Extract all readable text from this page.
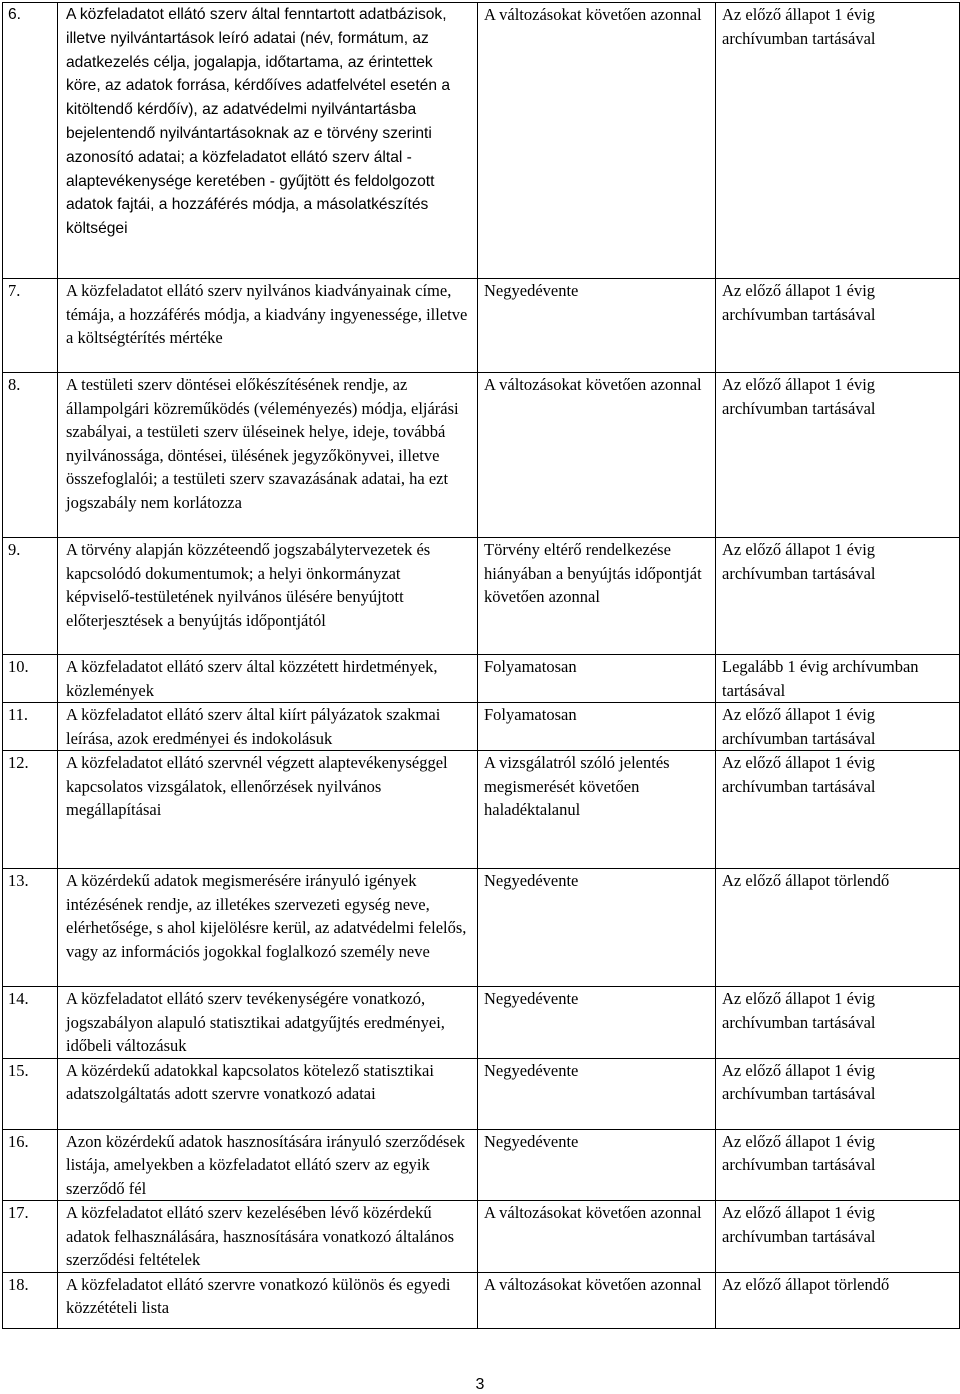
6.	A közfeladatot ellátó szerv által fenntartott adatbázisok, illetve nyilvántartások leíró adatai (név, formátum, az adatkezelés célja, jogalapja, időtartama, az érintettek köre, az adatok forrása, kérdőíves adatfelvétel esetén a kitöltendő kérdőív), az adatvédelmi nyilvántartásba bejelentendő nyilvántartásoknak az e törvény szerinti azonosító adatai; a közfeladatot ellátó szerv által - alaptevékenysége keretében - gyűjtött és feldolgozott adatok fajtái, a hozzáférés módja, a másolatkészítés költségei	A változásokat követően azonnal	Az előző állapot 1 évig archívumban tartásával
7.	A közfeladatot ellátó szerv nyilvános kiadványainak címe, témája, a hozzáférés módja, a kiadvány ingyenessége, illetve a költségtérítés mértéke	Negyedévente	Az előző állapot 1 évig archívumban tartásával
8.	A testületi szerv döntései előkészítésének rendje, az állampolgári közreműködés (véleményezés) módja, eljárási szabályai, a testületi szerv üléseinek helye, ideje, továbbá nyilvánossága, döntései, ülésének jegyzőkönyvei, illetve összefoglalói; a testületi szerv szavazásának adatai, ha ezt jogszabály nem korlátozza	A változásokat követően azonnal	Az előző állapot 1 évig archívumban tartásával
9.	A törvény alapján közzéteendő jogszabálytervezetek és kapcsolódó dokumentumok; a helyi önkormányzat képviselő-testületének nyilvános ülésére benyújtott előterjesztések a benyújtás időpontjától	Törvény eltérő rendelkezése hiányában a benyújtás időpontját követően azonnal	Az előző állapot 1 évig archívumban tartásával
10.	A közfeladatot ellátó szerv által közzétett hirdetmények, közlemények	Folyamatosan	Legalább 1 évig archívumban tartásával
11.	A közfeladatot ellátó szerv által kiírt pályázatok szakmai leírása, azok eredményei és indokolásuk	Folyamatosan	Az előző állapot 1 évig archívumban tartásával
12.	A közfeladatot ellátó szervnél végzett alaptevékenységgel kapcsolatos vizsgálatok, ellenőrzések nyilvános megállapításai	A vizsgálatról szóló jelentés megismerését követően haladéktalanul	Az előző állapot 1 évig archívumban tartásával
13.	A közérdekű adatok megismerésére irányuló igények intézésének rendje, az illetékes szervezeti egység neve, elérhetősége, s ahol kijelölésre kerül, az adatvédelmi felelős, vagy az információs jogokkal foglalkozó személy neve	Negyedévente	Az előző állapot törlendő
14.	A közfeladatot ellátó szerv tevékenységére vonatkozó, jogszabályon alapuló statisztikai adatgyűjtés eredményei, időbeli változásuk	Negyedévente	Az előző állapot 1 évig archívumban tartásával
15.	A közérdekű adatokkal kapcsolatos kötelező statisztikai adatszolgáltatás adott szervre vonatkozó adatai	Negyedévente	Az előző állapot 1 évig archívumban tartásával
16.	Azon közérdekű adatok hasznosítására irányuló szerződések listája, amelyekben a közfeladatot ellátó szerv az egyik szerződő fél	Negyedévente	Az előző állapot 1 évig archívumban tartásával
17.	A közfeladatot ellátó szerv kezelésében lévő közérdekű adatok felhasználására, hasznosítására vonatkozó általános szerződési feltételek	A változásokat követően azonnal	Az előző állapot 1 évig archívumban tartásával
18.	A közfeladatot ellátó szervre vonatkozó különös és egyedi közzétételi lista	A változásokat követően azonnal	Az előző állapot törlendő
3
